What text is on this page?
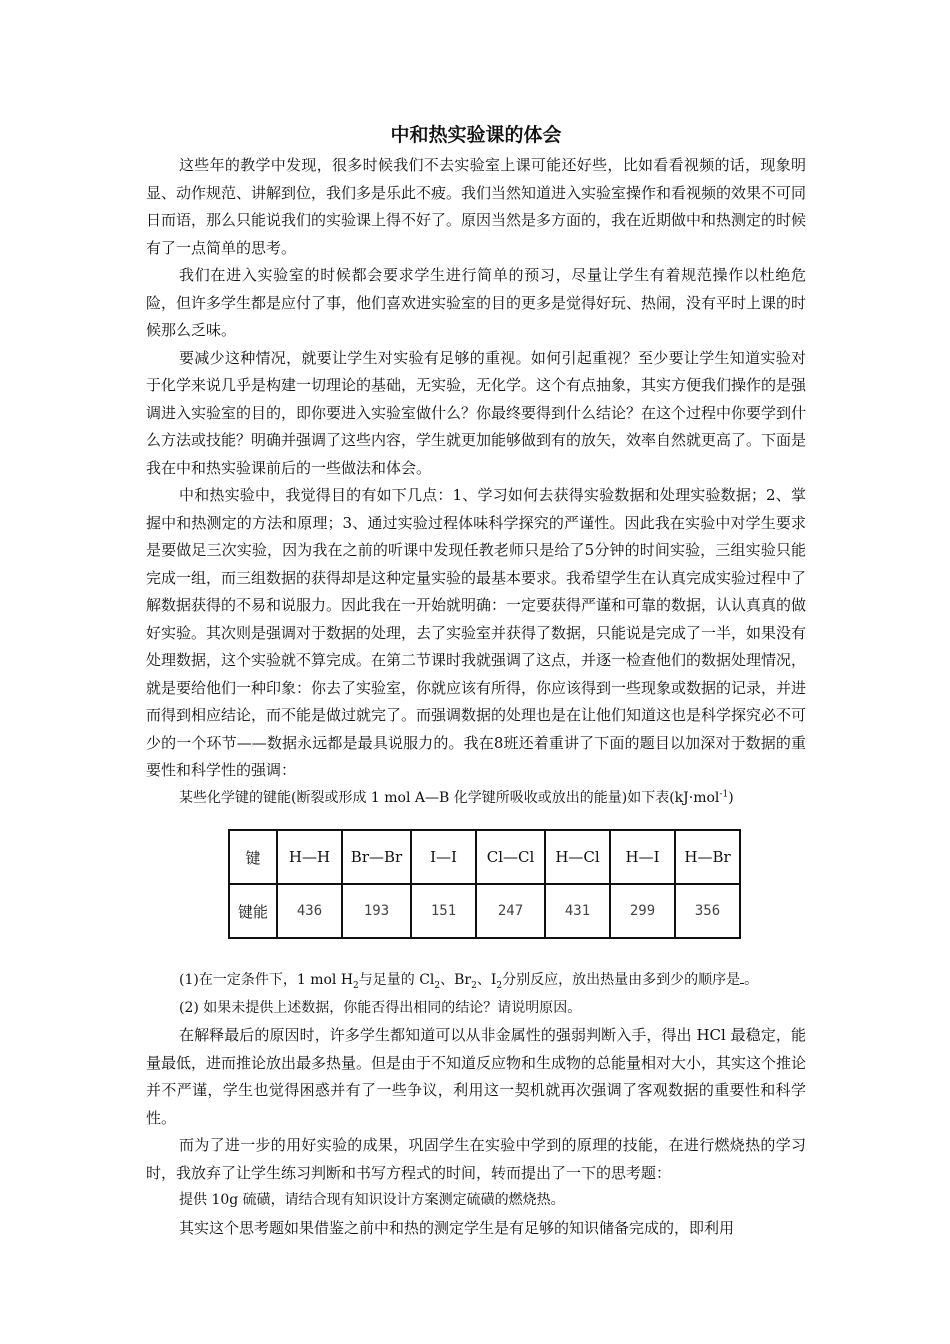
中和热实验课的体会

这些年的教学中发现，很多时候我们不去实验室上课可能还好些，比如看看视频的话，现象明显、动作规范、讲解到位，我们多是乐此不疲。我们当然知道进入实验室操作和看视频的效果不可同日而语，那么只能说我们的实验课上得不好了。原因当然是多方面的，我在近期做中和热测定的时候有了一点简单的思考。

我们在进入实验室的时候都会要求学生进行简单的预习，尽量让学生有着规范操作以杜绝危险，但许多学生都是应付了事，他们喜欢进实验室的目的更多是觉得好玩、热闹，没有平时上课的时候那么乏味。

要减少这种情况，就要让学生对实验有足够的重视。如何引起重视？至少要让学生知道实验对于化学来说几乎是构建一切理论的基础，无实验，无化学。这个有点抽象，其实方便我们操作的是强调进入实验室的目的，即你要进入实验室做什么？你最终要得到什么结论？在这个过程中你要学到什么方法或技能？明确并强调了这些内容，学生就更加能够做到有的放矢，效率自然就更高了。下面是我在中和热实验课前后的一些做法和体会。

中和热实验中，我觉得目的有如下几点：1、学习如何去获得实验数据和处理实验数据；2、掌握中和热测定的方法和原理；3、通过实验过程体味科学探究的严谨性。因此我在实验中对学生要求是要做足三次实验，因为我在之前的听课中发现任教老师只是给了5分钟的时间实验，三组实验只能完成一组，而三组数据的获得却是这种定量实验的最基本要求。我希望学生在认真完成实验过程中了解数据获得的不易和说服力。因此我在一开始就明确：一定要获得严谨和可靠的数据，认认真真的做好实验。其次则是强调对于数据的处理，去了实验室并获得了数据，只能说是完成了一半，如果没有处理数据，这个实验就不算完成。在第二节课时我就强调了这点，并逐一检查他们的数据处理情况，就是要给他们一种印象：你去了实验室，你就应该有所得，你应该得到一些现象或数据的记录，并进而得到相应结论，而不能是做过就完了。而强调数据的处理也是在让他们知道这也是科学探究必不可少的一个环节——数据永远都是最具说服力的。我在8班还着重讲了下面的题目以加深对于数据的重要性和科学性的强调：

某些化学键的键能(断裂或形成 1 mol A—B 化学键所吸收或放出的能量)如下表(kJ·mol$^{-1}$)

键	H—H	Br—Br	I—I	Cl—Cl	H—Cl	H—I	H—Br
键能	436	193	151	247	431	299	356

(1)在一定条件下，1 mol $H_2$与足量的 $Cl_2$、$Br_2$、$I_2$分别反应，放出热量由多到少的顺序是 。

(2) 如果未提供上述数据，你能否得出相同的结论？请说明原因。

在解释最后的原因时，许多学生都知道可以从非金属性的强弱判断入手，得出 HCl 最稳定，能量最低，进而推论放出最多热量。但是由于不知道反应物和生成物的总能量相对大小，其实这个推论并不严谨，学生也觉得困惑并有了一些争议，利用这一契机就再次强调了客观数据的重要性和科学性。

而为了进一步的用好实验的成果，巩固学生在实验中学到的原理的技能，在进行燃烧热的学习时，我放弃了让学生练习判断和书写方程式的时间，转而提出了一下的思考题：

提供 10g 硫磺，请结合现有知识设计方案测定硫磺的燃烧热。

其实这个思考题如果借鉴之前中和热的测定学生是有足够的知识储备完成的，即利用
